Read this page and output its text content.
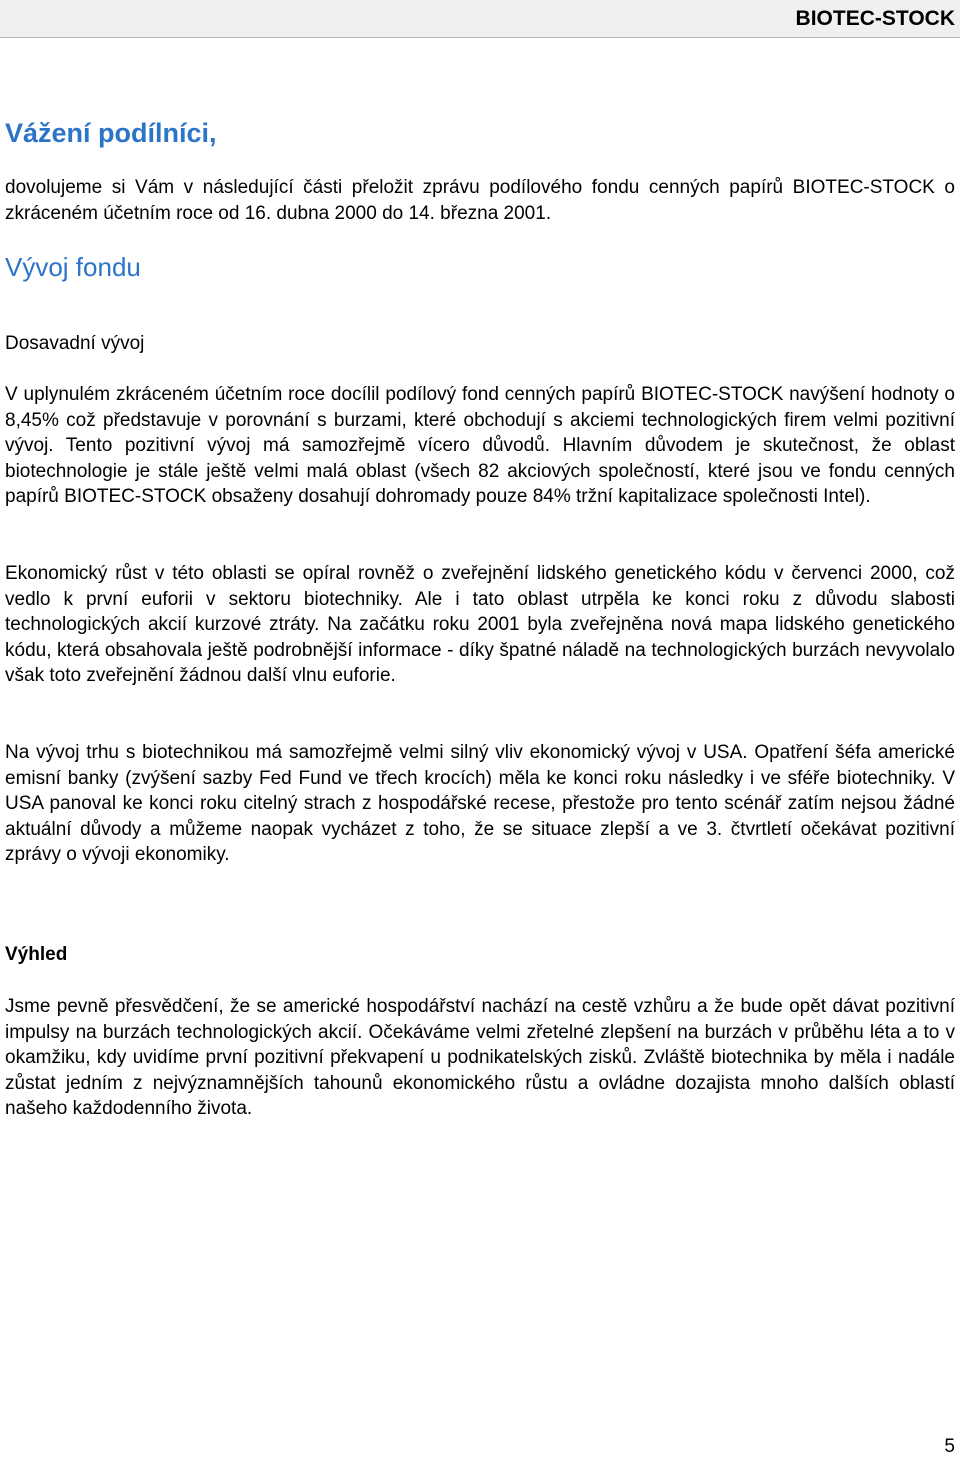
BIOTEC-STOCK
Vážení podílníci,

dovolujeme si Vám v následující části přeložit zprávu podílového fondu cenných papírů BIOTEC-STOCK o zkráceném účetním roce od 16. dubna 2000 do 14. března 2001.

Vývoj fondu
Dosavadní vývoj

V uplynulém zkráceném účetním roce docílil podílový fond cenných papírů BIOTEC-STOCK navýšení hodnoty o 8,45% což představuje v porovnání s burzami, které obchodují s akciemi technologických firem velmi pozitivní vývoj. Tento pozitivní vývoj má samozřejmě vícero důvodů. Hlavním důvodem je skutečnost, že oblast biotechnologie je stále ještě velmi malá oblast (všech 82 akciových společností, které jsou ve fondu cenných papírů BIOTEC-STOCK obsaženy dosahují dohromady pouze 84% tržní kapitalizace společnosti Intel).

Ekonomický růst v této oblasti se opíral rovněž o zveřejnění lidského genetického kódu v červenci 2000, což vedlo k první euforii v sektoru biotechniky. Ale i tato oblast utrpěla ke konci roku z důvodu slabosti technologických akcií kurzové ztráty. Na začátku roku 2001 byla zveřejněna nová mapa lidského genetického kódu, která obsahovala ještě podrobnější informace - díky špatné náladě na technologických burzách nevyvolalo však toto zveřejnění žádnou další vlnu euforie.

Na vývoj trhu s biotechnikou má samozřejmě velmi silný vliv ekonomický vývoj v USA. Opatření šéfa americké emisní banky (zvýšení sazby Fed Fund ve třech krocích) měla ke konci roku následky i ve sféře biotechniky. V USA panoval ke konci roku citelný strach z hospodářské recese, přestože pro tento scénář zatím nejsou žádné aktuální důvody a můžeme naopak vycházet z toho, že se situace zlepší a ve 3. čtvrtletí očekávat pozitivní zprávy o vývoji ekonomiky.

Výhled

Jsme pevně přesvědčení, že se americké hospodářství nachází na cestě vzhůru a že bude opět dávat pozitivní impulsy na burzách technologických akcií. Očekáváme velmi zřetelné zlepšení na burzách v průběhu léta a to v okamžiku, kdy uvidíme první pozitivní překvapení u podnikatelských zisků. Zvláště biotechnika by měla i nadále zůstat jedním z nejvýznamnějších tahounů ekonomického růstu a ovládne dozajista mnoho dalších oblastí našeho každodenního života.

5
